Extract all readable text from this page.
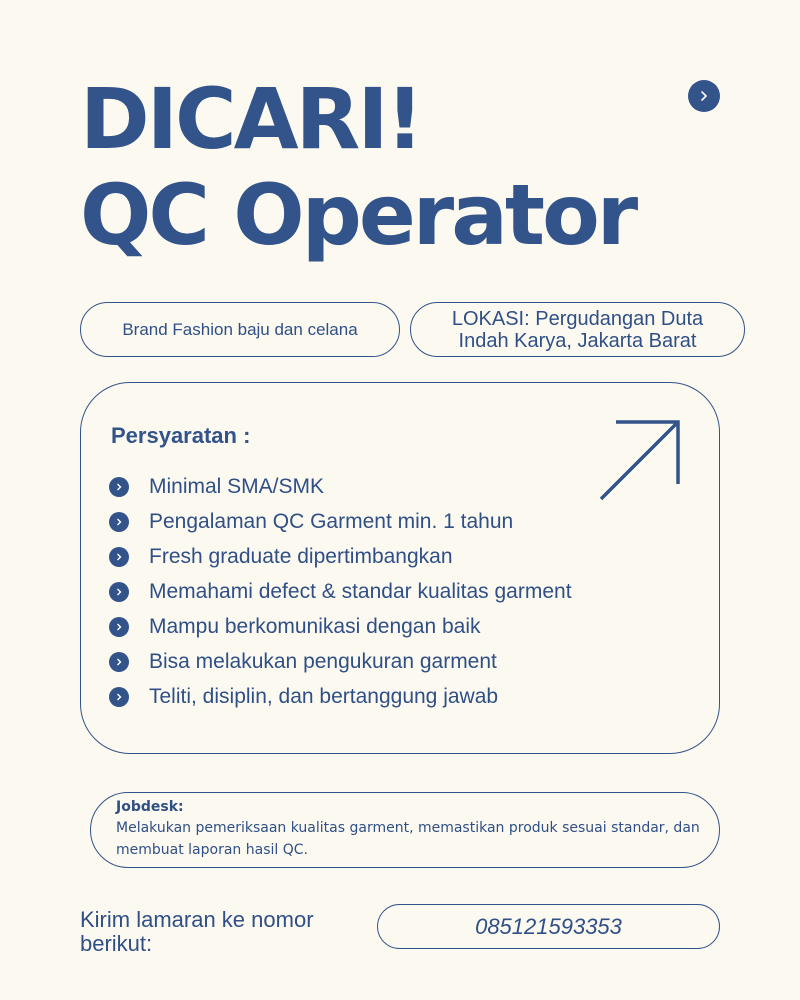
DICARI!
QC Operator
Brand Fashion baju dan celana	LOKASI: Pergudangan Duta Indah Karya, Jakarta Barat
Persyaratan :
Minimal SMA/SMK
Pengalaman QC Garment min. 1 tahun
Fresh graduate dipertimbangkan
Memahami defect & standar kualitas garment
Mampu berkomunikasi dengan baik
Bisa melakukan pengukuran garment
Teliti, disiplin, dan bertanggung jawab
Jobdesk:
Melakukan pemeriksaan kualitas garment, memastikan produk sesuai standar, dan membuat laporan hasil QC.
Kirim lamaran ke nomor berikut:
085121593353
